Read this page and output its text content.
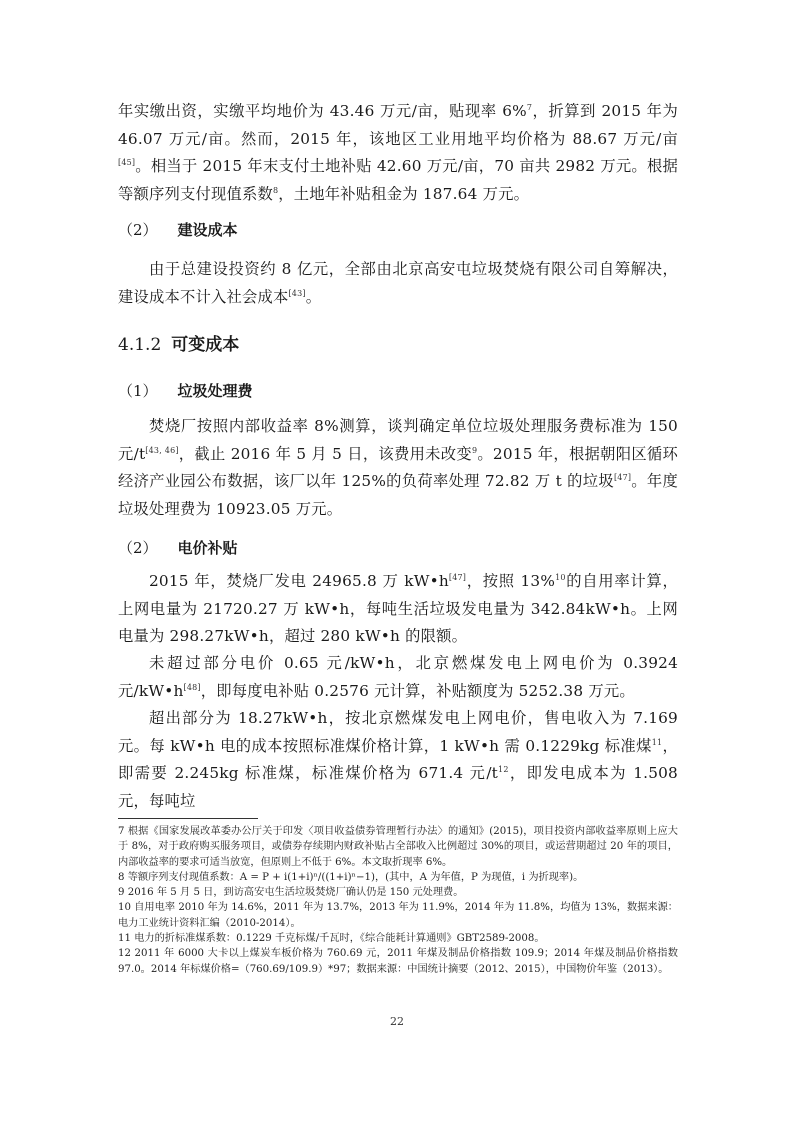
年实缴出资，实缴平均地价为 43.46 万元/亩，贴现率 6%$^7$，折算到 2015 年为 46.07 万元/亩。然而，2015 年，该地区工业用地平均价格为 88.67 万元/亩[45]。相当于 2015 年末支付土地补贴 42.60 万元/亩，70 亩共 2982 万元。根据等额序列支付现值系数$^8$，土地年补贴租金为 187.64 万元。

（2） 建设成本

由于总建设投资约 8 亿元，全部由北京高安屯垃圾焚烧有限公司自筹解决，建设成本不计入社会成本[43]。

4.1.2 可变成本

（1） 垃圾处理费

焚烧厂按照内部收益率 8%测算，谈判确定单位垃圾处理服务费标准为 150 元/t[43, 46]，截止 2016 年 5 月 5 日，该费用未改变$^9$。2015 年，根据朝阳区循环经济产业园公布数据，该厂以年 125%的负荷率处理 72.82 万 t 的垃圾[47]。年度垃圾处理费为 10923.05 万元。

（2） 电价补贴

2015 年，焚烧厂发电 24965.8 万 kW•h[47]，按照 13%$^{10}$的自用率计算，上网电量为 21720.27 万 kW•h，每吨生活垃圾发电量为 342.84kW•h。上网电量为 298.27kW•h，超过 280 kW•h 的限额。

未超过部分电价 0.65 元/kW•h，北京燃煤发电上网电价为 0.3924 元/kW•h[48]，即每度电补贴 0.2576 元计算，补贴额度为 5252.38 万元。

超出部分为 18.27kW•h，按北京燃煤发电上网电价，售电收入为 7.169 元。每 kW•h 电的成本按照标准煤价格计算，1 kW•h 需 0.1229kg 标准煤$^{11}$，即需要 2.245kg 标准煤，标准煤价格为 671.4 元$/t^{12}$，即发电成本为 1.508 元，每吨垃

7 根据《国家发展改革委办公厅关于印发〈项目收益债券管理暂行办法〉的通知》(2015)，项目投资内部收益率原则上应大于 8%，对于政府购买服务项目，或债券存续期内财政补贴占全部收入比例超过 30%的项目，或运营期超过 20 年的项目，内部收益率的要求可适当放宽，但原则上不低于 6%。本文取折现率 6%。

8 等额序列支付现值系数：A = P + i(1+i)ⁿ/((1+i)ⁿ−1)，(其中，A 为年值，P 为现值，i 为折现率)。

9 2016 年 5 月 5 日，到访高安屯生活垃圾焚烧厂确认仍是 150 元处理费。

10 自用电率 2010 年为 14.6%，2011 年为 13.7%，2013 年为 11.9%，2014 年为 11.8%，均值为 13%，数据来源：电力工业统计资料汇编（2010-2014）。

11 电力的折标准煤系数：0.1229 千克标煤/千瓦时，《综合能耗计算通则》GBT2589-2008。

12 2011 年 6000 大卡以上煤炭车板价格为 760.69 元，2011 年煤及制品价格指数 109.9；2014 年煤及制品价格指数 97.0。2014 年标煤价格=（760.69/109.9）*97；数据来源：中国统计摘要（2012、2015），中国物价年鉴（2013）。

22
